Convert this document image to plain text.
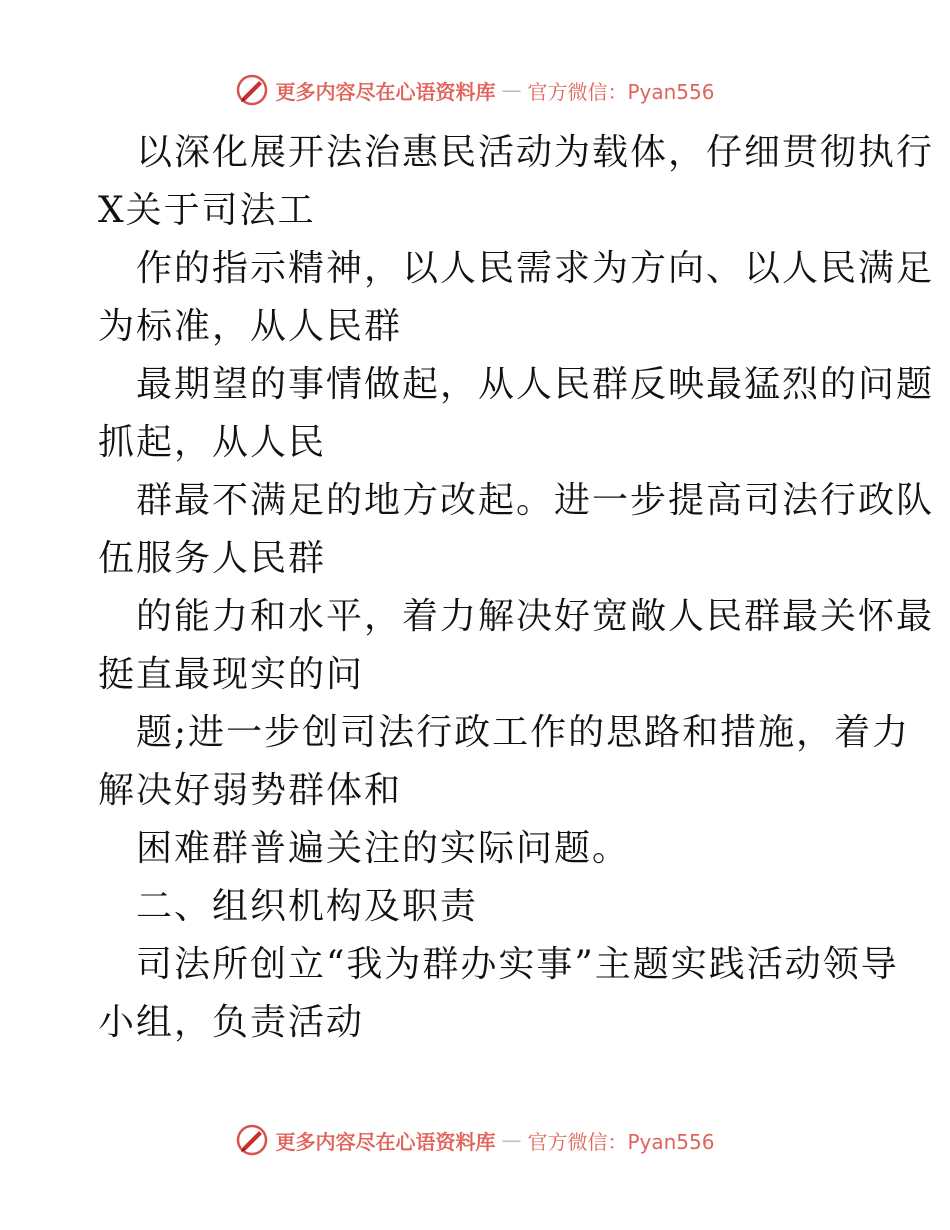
更多内容尽在心语资料库 — 官方微信：Pyan556

以深化展开法治惠民活动为载体，仔细贯彻执行
X关于司法工

作的指示精神，以人民需求为方向、以人民满足
为标准，从人民群

最期望的事情做起，从人民群反映最猛烈的问题
抓起，从人民

群最不满足的地方改起。进一步提高司法行政队
伍服务人民群

的能力和水平，着力解决好宽敞人民群最关怀最
挺直最现实的问

题;进一步创司法行政工作的思路和措施，着力
解决好弱势群体和

困难群普遍关注的实际问题。

二、组织机构及职责

司法所创立“我为群办实事”主题实践活动领导
小组，负责活动

更多内容尽在心语资料库 — 官方微信：Pyan556
